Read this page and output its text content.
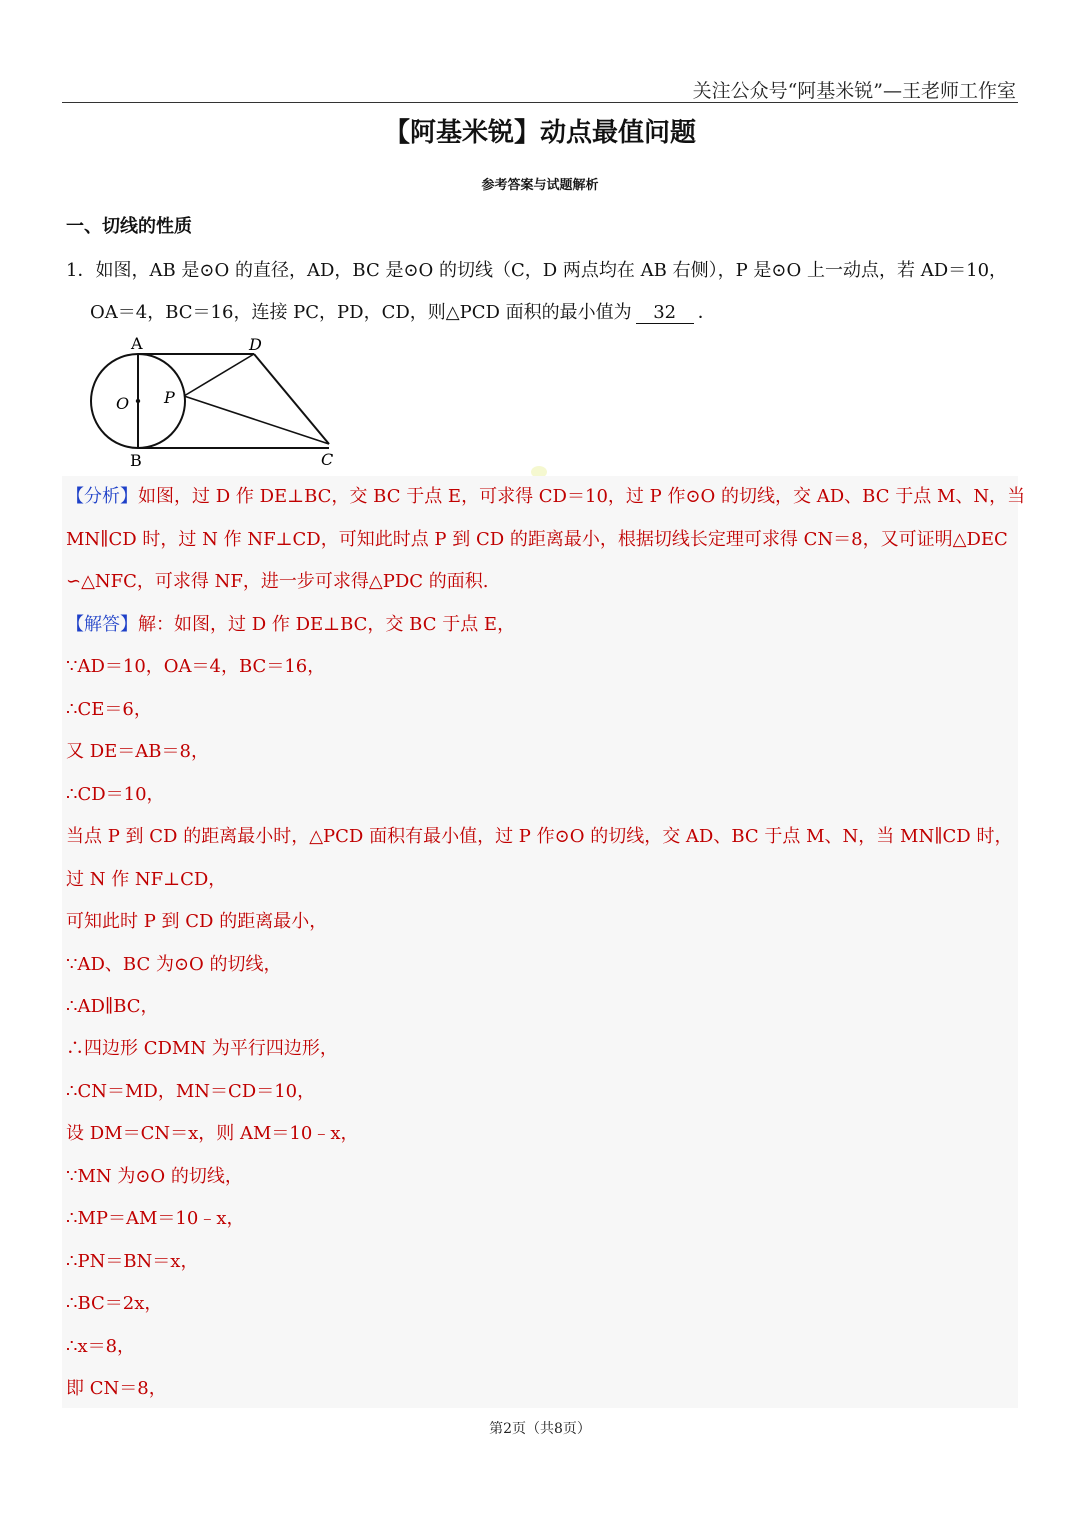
关注公众号“阿基米锐”—王老师工作室
【阿基米锐】动点最值问题
参考答案与试题解析
一、切线的性质
1．如图，AB 是⊙O 的直径，AD，BC 是⊙O 的切线（C，D 两点均在 AB 右侧），P 是⊙O 上一动点，若 AD＝10，
OA＝4，BC＝16，连接 PC，PD，CD，则△PCD 面积的最小值为 32 ．
A	D
O P
B	C
【分析】如图，过 D 作 DE⊥BC，交 BC 于点 E，可求得 CD＝10，过 P 作⊙O 的切线，交 AD、BC 于点 M、N，当
MN∥CD 时，过 N 作 NF⊥CD，可知此时点 P 到 CD 的距离最小，根据切线长定理可求得 CN＝8，又可证明△DEC
∽△NFC，可求得 NF，进一步可求得△PDC 的面积.
【解答】解：如图，过 D 作 DE⊥BC，交 BC 于点 E，
∵AD＝10，OA＝4，BC＝16，
∴CE＝6，
又 DE＝AB＝8，
∴CD＝10，
当点 P 到 CD 的距离最小时，△PCD 面积有最小值，过 P 作⊙O 的切线，交 AD、BC 于点 M、N，当 MN∥CD 时，
过 N 作 NF⊥CD，
可知此时 P 到 CD 的距离最小，
∵AD、BC 为⊙O 的切线，
∴AD∥BC，
∴四边形 CDMN 为平行四边形，
∴CN＝MD，MN＝CD＝10，
设 DM＝CN＝x，则 AM＝10﹣x，
∵MN 为⊙O 的切线，
∴MP＝AM＝10﹣x，
∴PN＝BN＝x，
∴BC＝2x，
∴x＝8，
即 CN＝8，
第2页（共8页）
